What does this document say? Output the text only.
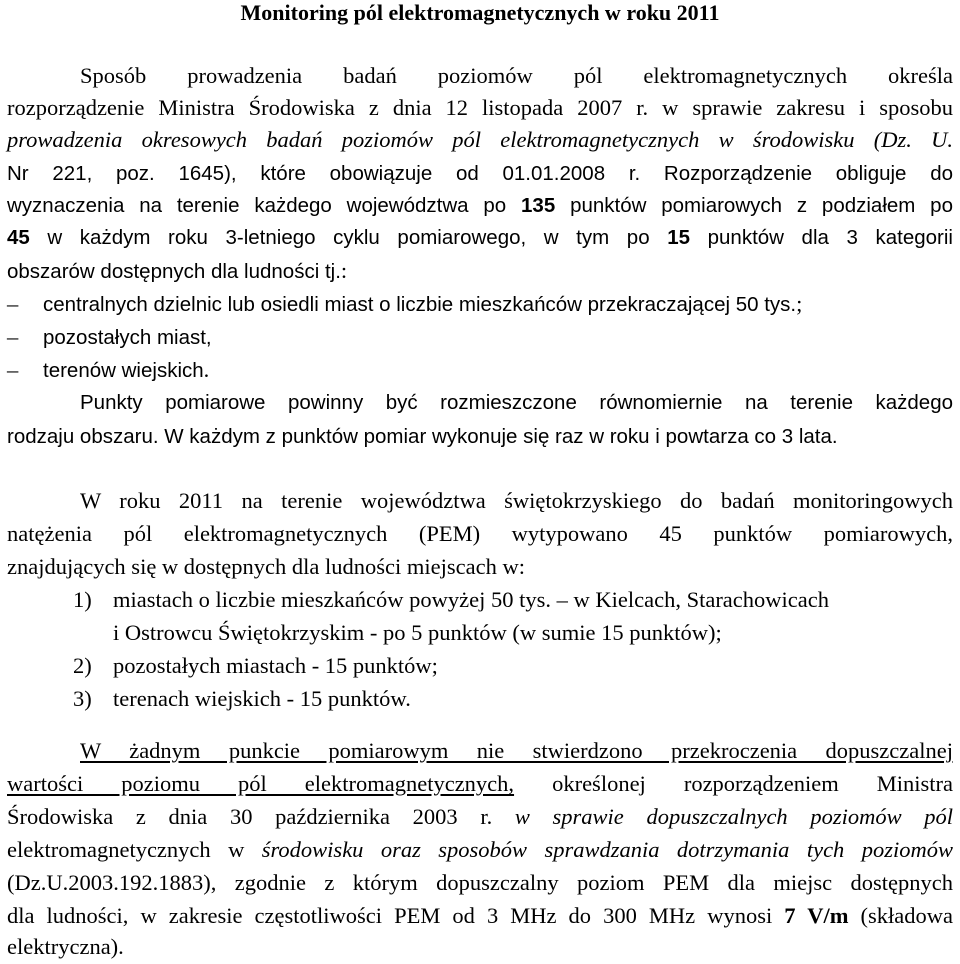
Monitoring pól elektromagnetycznych w roku 2011
Sposób prowadzenia badań poziomów pól elektromagnetycznych określa
rozporządzenie Ministra Środowiska z dnia 12 listopada 2007 r. w sprawie zakresu i sposobu
prowadzenia okresowych badań poziomów pól elektromagnetycznych w środowisku (Dz. U.
Nr 221, poz. 1645), które obowiązuje od 01.01.2008 r. Rozporządzenie obliguje do
wyznaczenia na terenie każdego województwa po 135 punktów pomiarowych z podziałem po
45 w każdym roku 3-letniego cyklu pomiarowego, w tym po 15 punktów dla 3 kategorii
obszarów dostępnych dla ludności tj.:
– centralnych dzielnic lub osiedli miast o liczbie mieszkańców przekraczającej 50 tys.;
– pozostałych miast,
– terenów wiejskich.
Punkty pomiarowe powinny być rozmieszczone równomiernie na terenie każdego
rodzaju obszaru. W każdym z punktów pomiar wykonuje się raz w roku i powtarza co 3 lata.
W roku 2011 na terenie województwa świętokrzyskiego do badań monitoringowych
natężenia pól elektromagnetycznych (PEM) wytypowano 45 punktów pomiarowych,
znajdujących się w dostępnych dla ludności miejscach w:
1) miastach o liczbie mieszkańców powyżej 50 tys. – w Kielcach, Starachowicach
i Ostrowcu Świętokrzyskim - po 5 punktów (w sumie 15 punktów);
2) pozostałych miastach - 15 punktów;
3) terenach wiejskich - 15 punktów.
W żadnym punkcie pomiarowym nie stwierdzono przekroczenia dopuszczalnej
wartości poziomu pól elektromagnetycznych, określonej rozporządzeniem Ministra
Środowiska z dnia 30 października 2003 r. w sprawie dopuszczalnych poziomów pól
elektromagnetycznych w środowisku oraz sposobów sprawdzania dotrzymania tych poziomów
(Dz.U.2003.192.1883), zgodnie z którym dopuszczalny poziom PEM dla miejsc dostępnych
dla ludności, w zakresie częstotliwości PEM od 3 MHz do 300 MHz wynosi 7 V/m (składowa
elektryczna).
